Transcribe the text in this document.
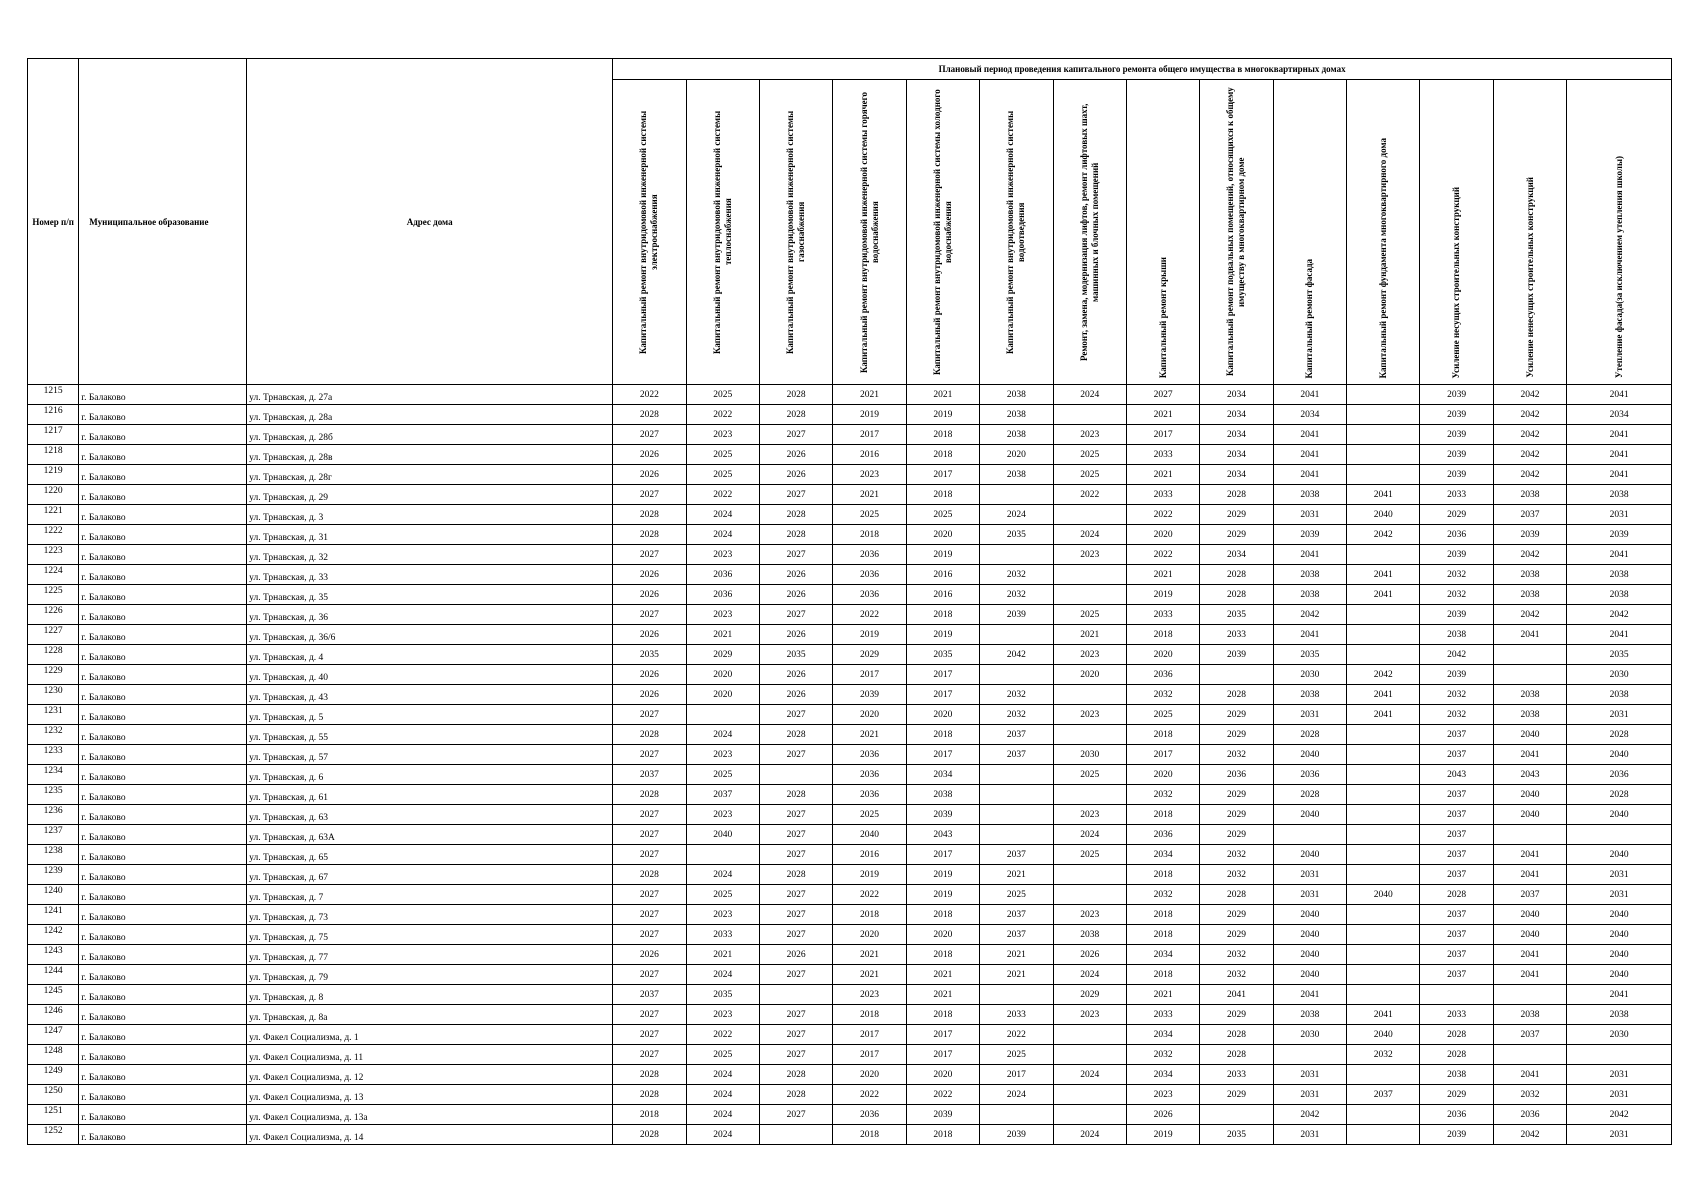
Номер п/п	Муниципальное образование	Адрес дома	Плановый период проведения капитального ремонта общего имущества в многоквартирных домах													
			Капитальный ремонт внутридомовой инженерной системы электроснабжения	Капитальный ремонт внутридомовой инженерной системы теплоснабжения	Капитальный ремонт внутридомовой инженерной системы газоснабжения	Капитальный ремонт внутридомовой инженерной системы горячего водоснабжения	Капитальный ремонт внутридомовой инженерной системы холодного водоснабжения	Капитальный ремонт внутридомовой инженерной системы водоотведения	Ремонт, замена, модернизация лифтов, ремонт лифтовых шахт, машинных и блочных помещений	Капитальный ремонт крыши	Капитальный ремонт подвальных помещений, относящихся к общему имуществу в многоквартирном доме	Капитальный ремонт фасада	Капитальный ремонт фундамента многоквартирного дома	Усиление несущих строительных конструкций	Усиление ненесущих строительных конструкций	Утепление фасада(за исключением утепления школы)
1215	г. Балаково	ул. Трнавская, д. 27а	2022	2025	2028	2021	2021	2038	2024	2027	2034	2041		2039	2042	2041
1216	г. Балаково	ул. Трнавская, д. 28а	2028	2022	2028	2019	2019	2038		2021	2034	2034		2039	2042	2034
1217	г. Балаково	ул. Трнавская, д. 28б	2027	2023	2027	2017	2018	2038	2023	2017	2034	2041		2039	2042	2041
1218	г. Балаково	ул. Трнавская, д. 28в	2026	2025	2026	2016	2018	2020	2025	2033	2034	2041		2039	2042	2041
1219	г. Балаково	ул. Трнавская, д. 28г	2026	2025	2026	2023	2017	2038	2025	2021	2034	2041		2039	2042	2041
1220	г. Балаково	ул. Трнавская, д. 29	2027	2022	2027	2021	2018		2022	2033	2028	2038	2041	2033	2038	2038
1221	г. Балаково	ул. Трнавская, д. 3	2028	2024	2028	2025	2025	2024		2022	2029	2031	2040	2029	2037	2031
1222	г. Балаково	ул. Трнавская, д. 31	2028	2024	2028	2018	2020	2035	2024	2020	2029	2039	2042	2036	2039	2039
1223	г. Балаково	ул. Трнавская, д. 32	2027	2023	2027	2036	2019		2023	2022	2034	2041		2039	2042	2041
1224	г. Балаково	ул. Трнавская, д. 33	2026	2036	2026	2036	2016	2032		2021	2028	2038	2041	2032	2038	2038
1225	г. Балаково	ул. Трнавская, д. 35	2026	2036	2026	2036	2016	2032		2019	2028	2038	2041	2032	2038	2038
1226	г. Балаково	ул. Трнавская, д. 36	2027	2023	2027	2022	2018	2039	2025	2033	2035	2042		2039	2042	2042
1227	г. Балаково	ул. Трнавская, д. 36/6	2026	2021	2026	2019	2019		2021	2018	2033	2041		2038	2041	2041
1228	г. Балаково	ул. Трнавская, д. 4	2035	2029	2035	2029	2035	2042	2023	2020	2039	2035		2042		2035
1229	г. Балаково	ул. Трнавская, д. 40	2026	2020	2026	2017	2017		2020	2036		2030	2042	2039		2030
1230	г. Балаково	ул. Трнавская, д. 43	2026	2020	2026	2039	2017	2032		2032	2028	2038	2041	2032	2038	2038
1231	г. Балаково	ул. Трнавская, д. 5	2027		2027	2020	2020	2032	2023	2025	2029	2031	2041	2032	2038	2031
1232	г. Балаково	ул. Трнавская, д. 55	2028	2024	2028	2021	2018	2037		2018	2029	2028		2037	2040	2028
1233	г. Балаково	ул. Трнавская, д. 57	2027	2023	2027	2036	2017	2037	2030	2017	2032	2040		2037	2041	2040
1234	г. Балаково	ул. Трнавская, д. 6	2037	2025		2036	2034		2025	2020	2036	2036		2043	2043	2036
1235	г. Балаково	ул. Трнавская, д. 61	2028	2037	2028	2036	2038			2032	2029	2028		2037	2040	2028
1236	г. Балаково	ул. Трнавская, д. 63	2027	2023	2027	2025	2039		2023	2018	2029	2040		2037	2040	2040
1237	г. Балаково	ул. Трнавская, д. 63А	2027	2040	2027	2040	2043		2024	2036	2029			2037		
1238	г. Балаково	ул. Трнавская, д. 65	2027		2027	2016	2017	2037	2025	2034	2032	2040		2037	2041	2040
1239	г. Балаково	ул. Трнавская, д. 67	2028	2024	2028	2019	2019	2021		2018	2032	2031		2037	2041	2031
1240	г. Балаково	ул. Трнавская, д. 7	2027	2025	2027	2022	2019	2025		2032	2028	2031	2040	2028	2037	2031
1241	г. Балаково	ул. Трнавская, д. 73	2027	2023	2027	2018	2018	2037	2023	2018	2029	2040		2037	2040	2040
1242	г. Балаково	ул. Трнавская, д. 75	2027	2033	2027	2020	2020	2037	2038	2018	2029	2040		2037	2040	2040
1243	г. Балаково	ул. Трнавская, д. 77	2026	2021	2026	2021	2018	2021	2026	2034	2032	2040		2037	2041	2040
1244	г. Балаково	ул. Трнавская, д. 79	2027	2024	2027	2021	2021	2021	2024	2018	2032	2040		2037	2041	2040
1245	г. Балаково	ул. Трнавская, д. 8	2037	2035		2023	2021		2029	2021	2041	2041				2041
1246	г. Балаково	ул. Трнавская, д. 8а	2027	2023	2027	2018	2018	2033	2023	2033	2029	2038	2041	2033	2038	2038
1247	г. Балаково	ул. Факел Социализма, д. 1	2027	2022	2027	2017	2017	2022		2034	2028	2030	2040	2028	2037	2030
1248	г. Балаково	ул. Факел Социализма, д. 11	2027	2025	2027	2017	2017	2025		2032	2028		2032	2028		
1249	г. Балаково	ул. Факел Социализма, д. 12	2028	2024	2028	2020	2020	2017	2024	2034	2033	2031		2038	2041	2031
1250	г. Балаково	ул. Факел Социализма, д. 13	2028	2024	2028	2022	2022	2024		2023	2029	2031	2037	2029	2032	2031
1251	г. Балаково	ул. Факел Социализма, д. 13а	2018	2024	2027	2036	2039			2026		2042		2036	2036	2042
1252	г. Балаково	ул. Факел Социализма, д. 14	2028	2024		2018	2018	2039	2024	2019	2035	2031		2039	2042	2031
